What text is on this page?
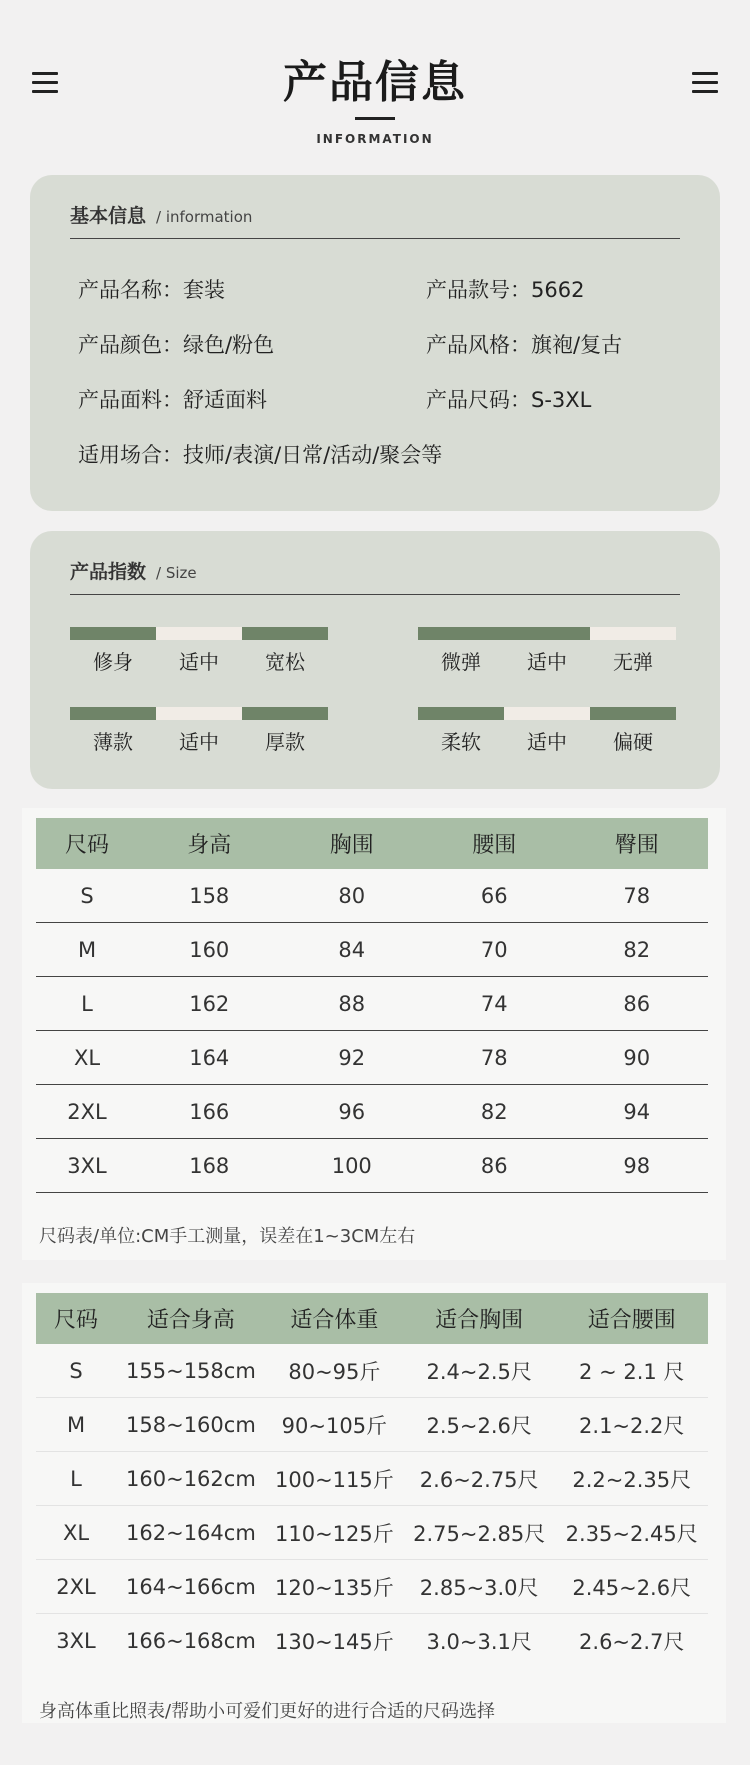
产品信息
INFORMATION
基本信息 / information
产品名称：套装	产品款号：5662
产品颜色：绿色/粉色	产品风格：旗袍/复古
产品面料：舒适面料	产品尺码：S-3XL
适用场合：技师/表演/日常/活动/聚会等
产品指数 / Size
修身	适中	宽松	微弹	适中	无弹
薄款	适中	厚款	柔软	适中	偏硬
尺码	身高	胸围	腰围	臀围
S	158	80	66	78
M	160	84	70	82
L	162	88	74	86
XL	164	92	78	90
2XL	166	96	82	94
3XL	168	100	86	98
尺码表/单位:CM手工测量，误差在1~3CM左右
尺码	适合身高	适合体重	适合胸围	适合腰围
S	155~158cm	80~95斤	2.4~2.5尺	2 ~ 2.1 尺
M	158~160cm	90~105斤	2.5~2.6尺	2.1~2.2尺
L	160~162cm	100~115斤	2.6~2.75尺	2.2~2.35尺
XL	162~164cm	110~125斤	2.75~2.85尺	2.35~2.45尺
2XL	164~166cm	120~135斤	2.85~3.0尺	2.45~2.6尺
3XL	166~168cm	130~145斤	3.0~3.1尺	2.6~2.7尺
身高体重比照表/帮助小可爱们更好的进行合适的尺码选择
